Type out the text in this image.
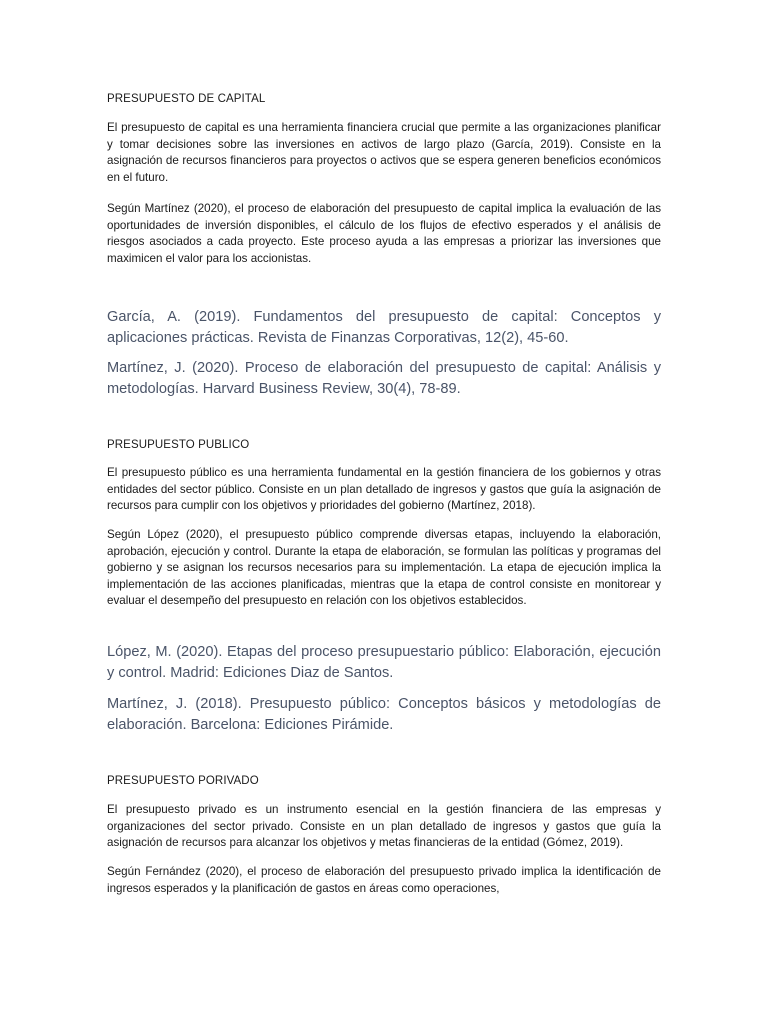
PRESUPUESTO DE CAPITAL

El presupuesto de capital es una herramienta financiera crucial que permite a las organizaciones planificar y tomar decisiones sobre las inversiones en activos de largo plazo (García, 2019). Consiste en la asignación de recursos financieros para proyectos o activos que se espera generen beneficios económicos en el futuro.

Según Martínez (2020), el proceso de elaboración del presupuesto de capital implica la evaluación de las oportunidades de inversión disponibles, el cálculo de los flujos de efectivo esperados y el análisis de riesgos asociados a cada proyecto. Este proceso ayuda a las empresas a priorizar las inversiones que maximicen el valor para los accionistas.

García, A. (2019). Fundamentos del presupuesto de capital: Conceptos y aplicaciones prácticas. Revista de Finanzas Corporativas, 12(2), 45-60.

Martínez, J. (2020). Proceso de elaboración del presupuesto de capital: Análisis y metodologías. Harvard Business Review, 30(4), 78-89.

PRESUPUESTO PUBLICO

El presupuesto público es una herramienta fundamental en la gestión financiera de los gobiernos y otras entidades del sector público. Consiste en un plan detallado de ingresos y gastos que guía la asignación de recursos para cumplir con los objetivos y prioridades del gobierno (Martínez, 2018).

Según López (2020), el presupuesto público comprende diversas etapas, incluyendo la elaboración, aprobación, ejecución y control. Durante la etapa de elaboración, se formulan las políticas y programas del gobierno y se asignan los recursos necesarios para su implementación. La etapa de ejecución implica la implementación de las acciones planificadas, mientras que la etapa de control consiste en monitorear y evaluar el desempeño del presupuesto en relación con los objetivos establecidos.

López, M. (2020). Etapas del proceso presupuestario público: Elaboración, ejecución y control. Madrid: Ediciones Diaz de Santos.

Martínez, J. (2018). Presupuesto público: Conceptos básicos y metodologías de elaboración. Barcelona: Ediciones Pirámide.

PRESUPUESTO PORIVADO

El presupuesto privado es un instrumento esencial en la gestión financiera de las empresas y organizaciones del sector privado. Consiste en un plan detallado de ingresos y gastos que guía la asignación de recursos para alcanzar los objetivos y metas financieras de la entidad (Gómez, 2019).

Según Fernández (2020), el proceso de elaboración del presupuesto privado implica la identificación de ingresos esperados y la planificación de gastos en áreas como operaciones,
